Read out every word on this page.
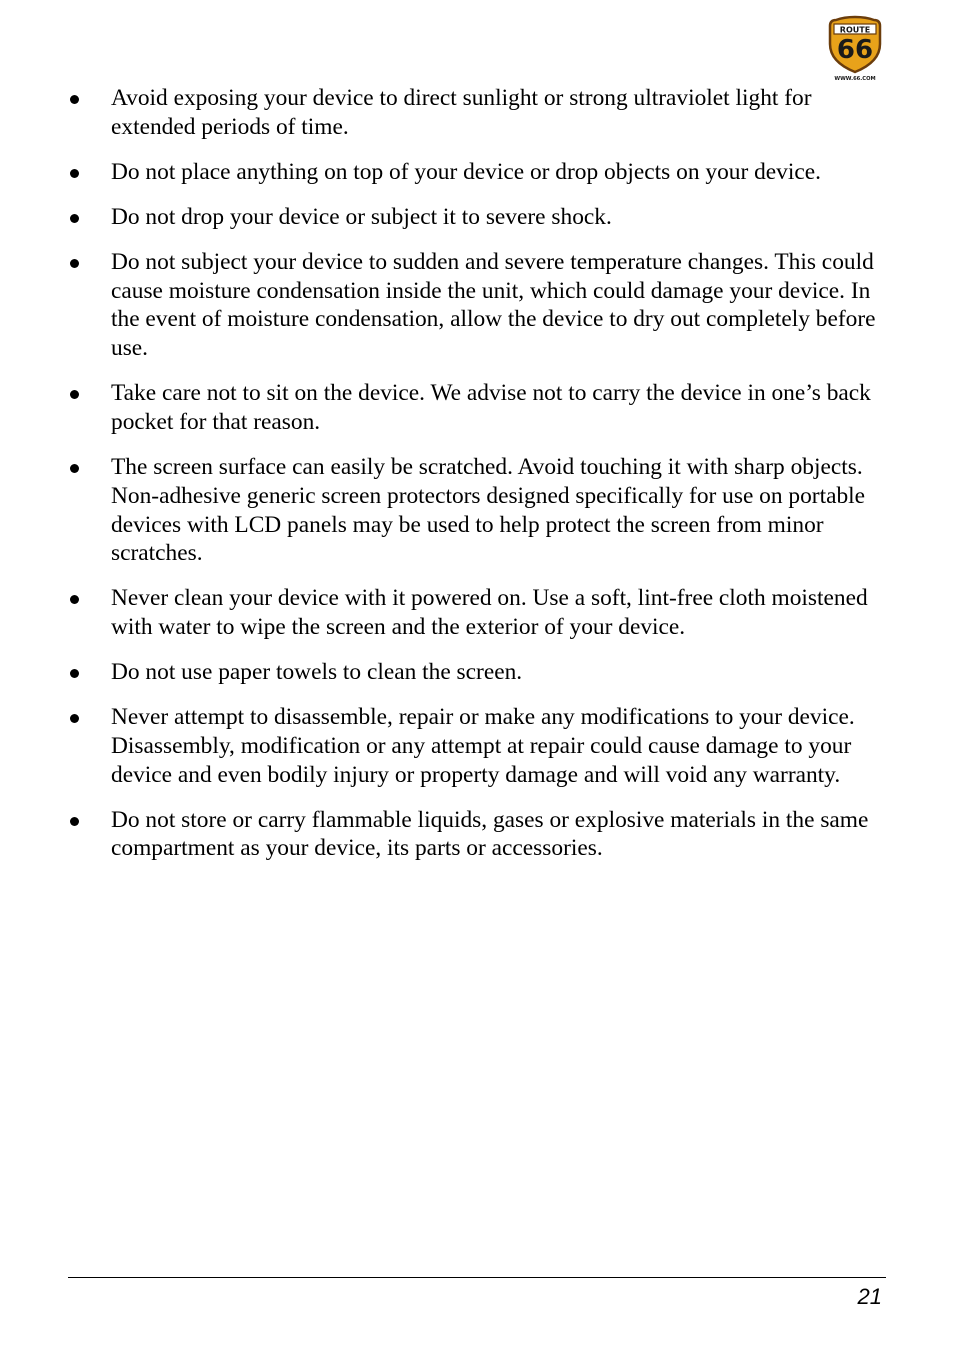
ROUTE
66
WWW.66.COM
Avoid exposing your device to direct sunlight or strong ultraviolet light for extended periods of time.
Do not place anything on top of your device or drop objects on your device.
Do not drop your device or subject it to severe shock.
Do not subject your device to sudden and severe temperature changes. This could cause moisture condensation inside the unit, which could damage your device. In the event of moisture condensation, allow the device to dry out completely before use.
Take care not to sit on the device. We advise not to carry the device in one’s back pocket for that reason.
The screen surface can easily be scratched. Avoid touching it with sharp objects. Non-adhesive generic screen protectors designed specifically for use on portable devices with LCD panels may be used to help protect the screen from minor scratches.
Never clean your device with it powered on. Use a soft, lint-free cloth moistened with water to wipe the screen and the exterior of your device.
Do not use paper towels to clean the screen.
Never attempt to disassemble, repair or make any modifications to your device. Disassembly, modification or any attempt at repair could cause damage to your device and even bodily injury or property damage and will void any warranty.
Do not store or carry flammable liquids, gases or explosive materials in the same compartment as your device, its parts or accessories.
21
